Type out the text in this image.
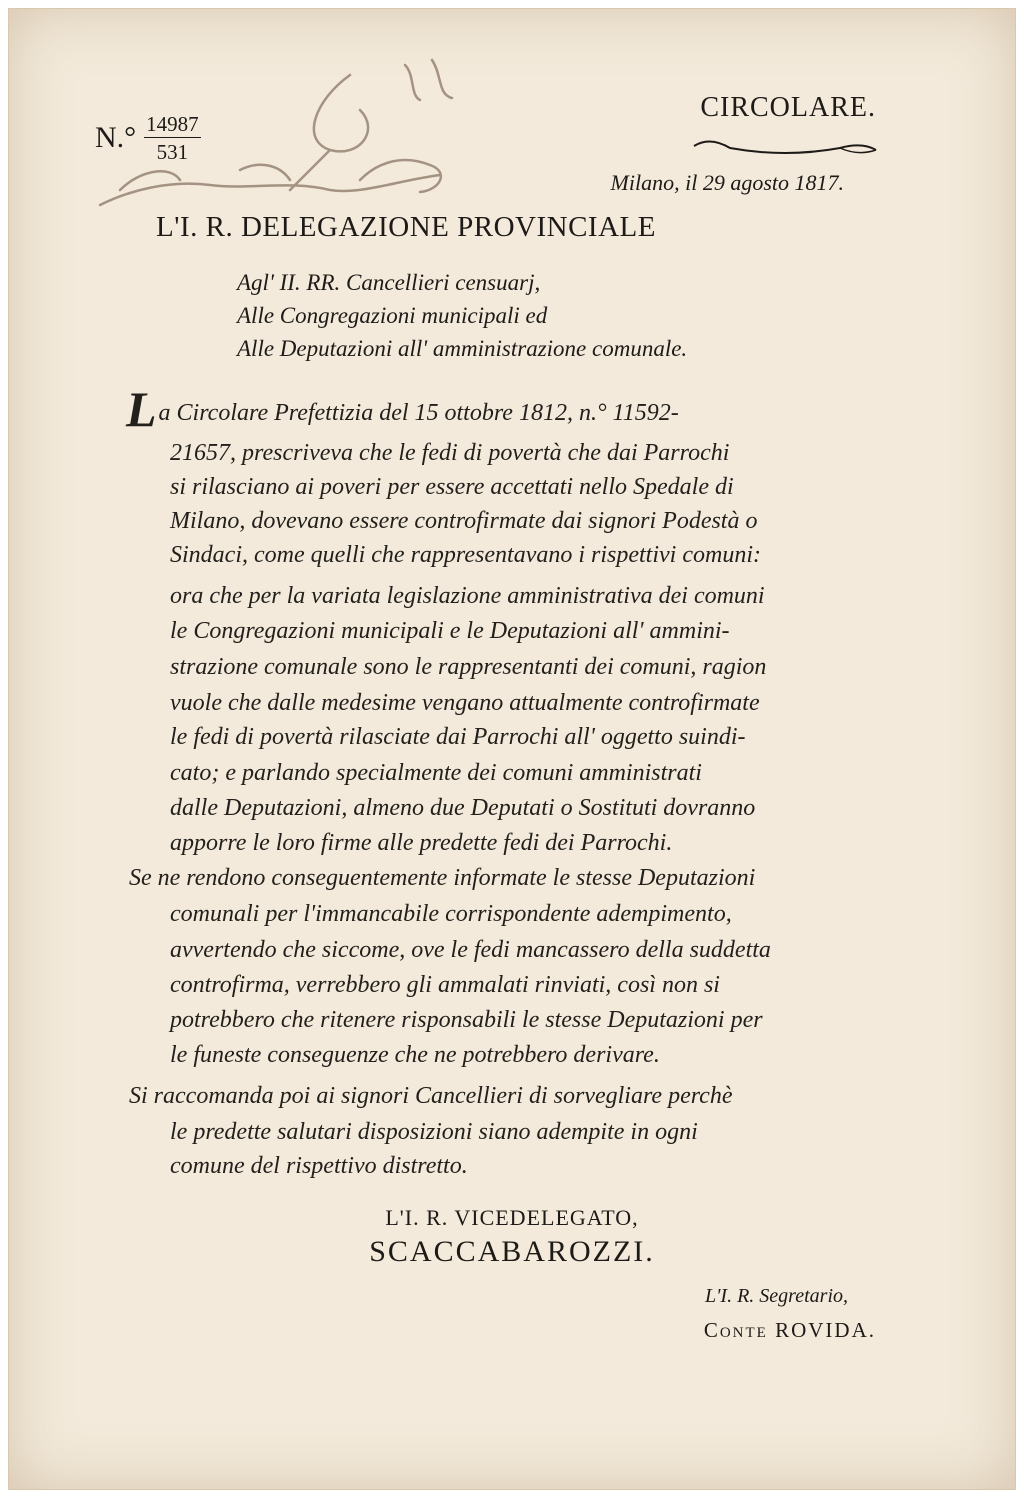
$N.^\circ \frac{14987}{531}$
CIRCOLARE.
Milano, il 29 agosto 1817.
L'I. R. DELEGAZIONE PROVINCIALE
Agl' II. RR. Cancellieri censuarj,
Alle Congregazioni municipali ed
Alle Deputazioni all' amministrazione comunale.
La Circolare Prefettizia del 15 ottobre 1812, n.° 11592-
21657, prescriveva che le fedi di povertà che dai Parrochi
si rilasciano ai poveri per essere accettati nello Spedale di
Milano, dovevano essere controfirmate dai signori Podestà o
Sindaci, come quelli che rappresentavano i rispettivi comuni:
ora che per la variata legislazione amministrativa dei comuni
le Congregazioni municipali e le Deputazioni all' ammini-
strazione comunale sono le rappresentanti dei comuni, ragion
vuole che dalle medesime vengano attualmente controfirmate
le fedi di povertà rilasciate dai Parrochi all' oggetto suindi-
cato; e parlando specialmente dei comuni amministrati
dalle Deputazioni, almeno due Deputati o Sostituti dovranno
apporre le loro firme alle predette fedi dei Parrochi.
Se ne rendono conseguentemente informate le stesse Deputazioni
comunali per l'immancabile corrispondente adempimento,
avvertendo che siccome, ove le fedi mancassero della suddetta
controfirma, verrebbero gli ammalati rinviati, così non si
potrebbero che ritenere risponsabili le stesse Deputazioni per
le funeste conseguenze che ne potrebbero derivare.
Si raccomanda poi ai signori Cancellieri di sorvegliare perchè
le predette salutari disposizioni siano adempite in ogni
comune del rispettivo distretto.
L'I. R. VICEDELEGATO,
SCACCABAROZZI.
L'I. R. Segretario,
Conte ROVIDA.
